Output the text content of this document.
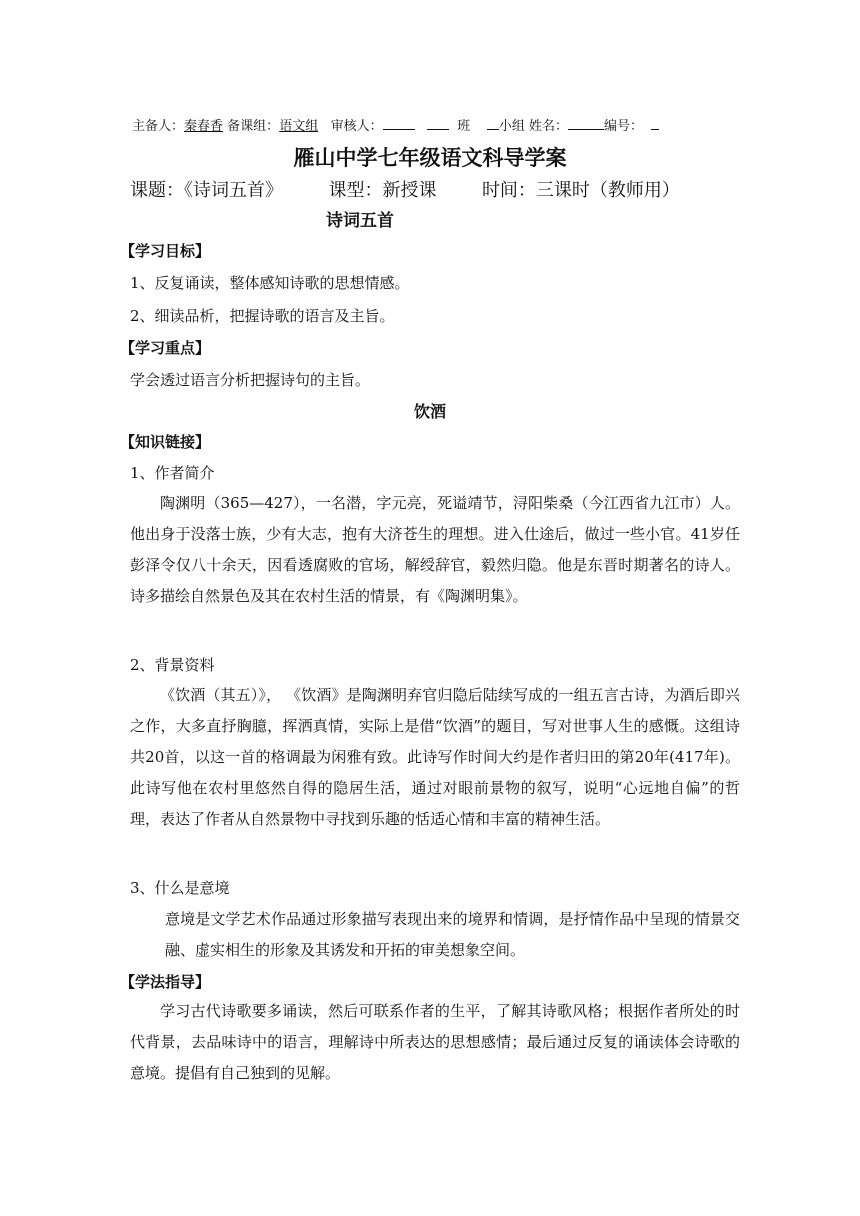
主备人：秦春香 备课组：语文组 审核人：	班 小组 姓名：	编号：
雁山中学七年级语文科导学案
课题：《诗词五首》	课型：新授课	时间：三课时（教师用）
诗词五首
【学习目标】
1、反复诵读，整体感知诗歌的思想情感。
2、细读品析，把握诗歌的语言及主旨。
【学习重点】
学会透过语言分析把握诗句的主旨。
饮酒
【知识链接】
1、作者简介
陶渊明（365—427），一名潜，字元亮，死谥靖节，浔阳柴桑（今江西省九江市）人。他出身于没落士族，少有大志，抱有大济苍生的理想。进入仕途后，做过一些小官。41岁任彭泽令仅八十余天，因看透腐败的官场，解绶辞官，毅然归隐。他是东晋时期著名的诗人。诗多描绘自然景色及其在农村生活的情景，有《陶渊明集》。
2、背景资料
《饮酒（其五）》， 《饮酒》是陶渊明弃官归隐后陆续写成的一组五言古诗，为酒后即兴之作，大多直抒胸臆，挥洒真情，实际上是借“饮酒”的题目，写对世事人生的感慨。这组诗共20首，以这一首的格调最为闲雅有致。此诗写作时间大约是作者归田的第20年(417年)。此诗写他在农村里悠然自得的隐居生活，通过对眼前景物的叙写，说明“心远地自偏”的哲理，表达了作者从自然景物中寻找到乐趣的恬适心情和丰富的精神生活。
3、什么是意境
意境是文学艺术作品通过形象描写表现出来的境界和情调，是抒情作品中呈现的情景交融、虚实相生的形象及其诱发和开拓的审美想象空间。
【学法指导】
学习古代诗歌要多诵读，然后可联系作者的生平，了解其诗歌风格；根据作者所处的时代背景，去品味诗中的语言，理解诗中所表达的思想感情；最后通过反复的诵读体会诗歌的意境。提倡有自己独到的见解。
